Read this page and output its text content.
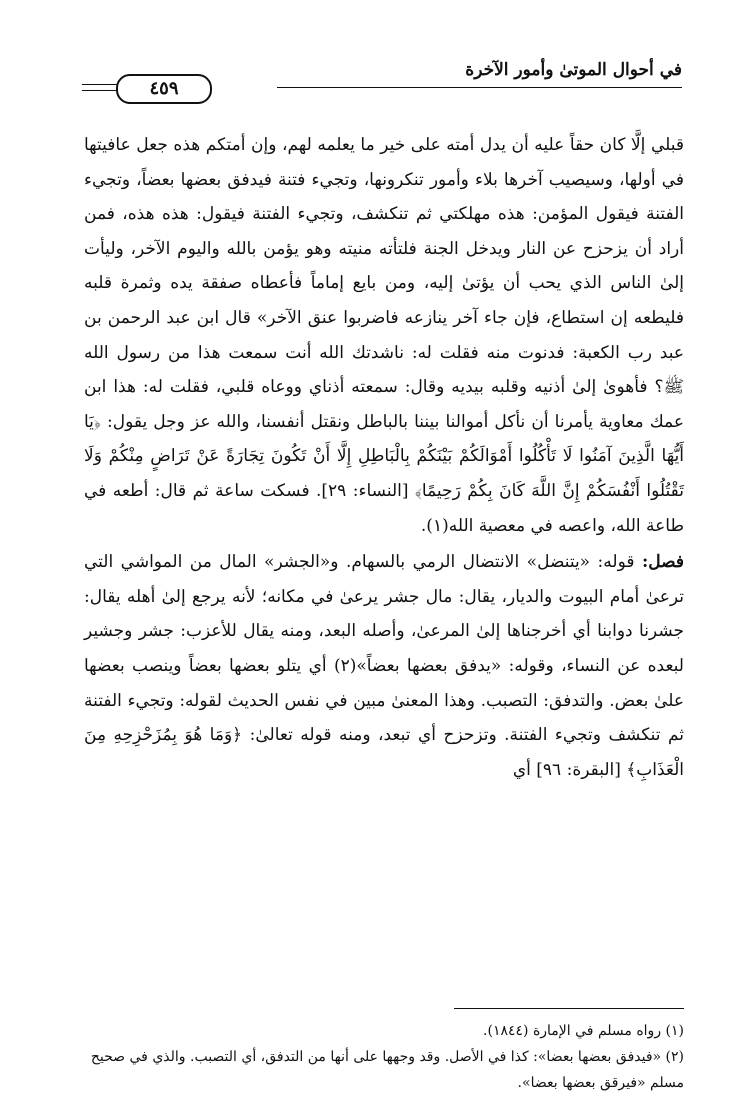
في أحوال الموتىٰ وأمور الآخرة
٤٥٩

قبلي إلَّا كان حقاً عليه أن يدل أمته على خير ما يعلمه لهم، وإن أمتكم هذه جعل عافيتها في أولها، وسيصيب آخرها بلاء وأمور تنكرونها، وتجيء فتنة فيدفق بعضها بعضاً، وتجيء الفتنة فيقول المؤمن: هذه مهلكتي ثم تنكشف، وتجيء الفتنة فيقول: هذه هذه، فمن أراد أن يزحزح عن النار ويدخل الجنة فلتأته منيته وهو يؤمن بالله واليوم الآخر، وليأت إلىٰ الناس الذي يحب أن يؤتىٰ إليه، ومن بايع إماماً فأعطاه صفقة يده وثمرة قلبه فليطعه إن استطاع، فإن جاء آخر ينازعه فاضربوا عنق الآخر» قال ابن عبد الرحمن بن عبد رب الكعبة: فدنوت منه فقلت له: ناشدتك الله أنت سمعت هذا من رسول الله ﷺ؟ فأهوىٰ إلىٰ أذنيه وقلبه بيديه وقال: سمعته أذناي ووعاه قلبي، فقلت له: هذا ابن عمك معاوية يأمرنا أن نأكل أموالنا بيننا بالباطل ونقتل أنفسنا، والله عز وجل يقول: ﴿يَا أَيُّهَا الَّذِينَ آمَنُوا لَا تَأْكُلُوا أَمْوَالَكُمْ بَيْنَكُمْ بِالْبَاطِلِ إِلَّا أَنْ تَكُونَ تِجَارَةً عَنْ تَرَاضٍ مِنْكُمْ وَلَا تَقْتُلُوا أَنْفُسَكُمْ إِنَّ اللَّهَ كَانَ بِكُمْ رَحِيمًا﴾ [النساء: ٢٩]. فسكت ساعة ثم قال: أطعه في طاعة الله، واعصه في معصية الله(١).

فصل: قوله: «يتنضل» الانتضال الرمي بالسهام. و«الجشر» المال من المواشي التي ترعىٰ أمام البيوت والديار، يقال: مال جشر يرعىٰ في مكانه؛ لأنه يرجع إلىٰ أهله يقال: جشرنا دوابنا أي أخرجناها إلىٰ المرعىٰ، وأصله البعد، ومنه يقال للأعزب: جشر وجشير لبعده عن النساء، وقوله: «يدفق بعضها بعضاً»(٢) أي يتلو بعضها بعضاً وينصب بعضها علىٰ بعض. والتدفق: التصبب. وهذا المعنىٰ مبين في نفس الحديث لقوله: وتجيء الفتنة ثم تنكشف وتجيء الفتنة. وتزحزح أي تبعد، ومنه قوله تعالىٰ: ﴿وَمَا هُوَ بِمُزَحْزِحِهِ مِنَ الْعَذَابِ﴾ [البقرة: ٩٦] أي

(١) رواه مسلم في الإمارة (١٨٤٤).

(٢) «فيدفق بعضها بعضا»: كذا في الأصل. وقد وجهها على أنها من التدفق، أي التصبب. والذي في صحيح مسلم «فيرقق بعضها بعضا».
